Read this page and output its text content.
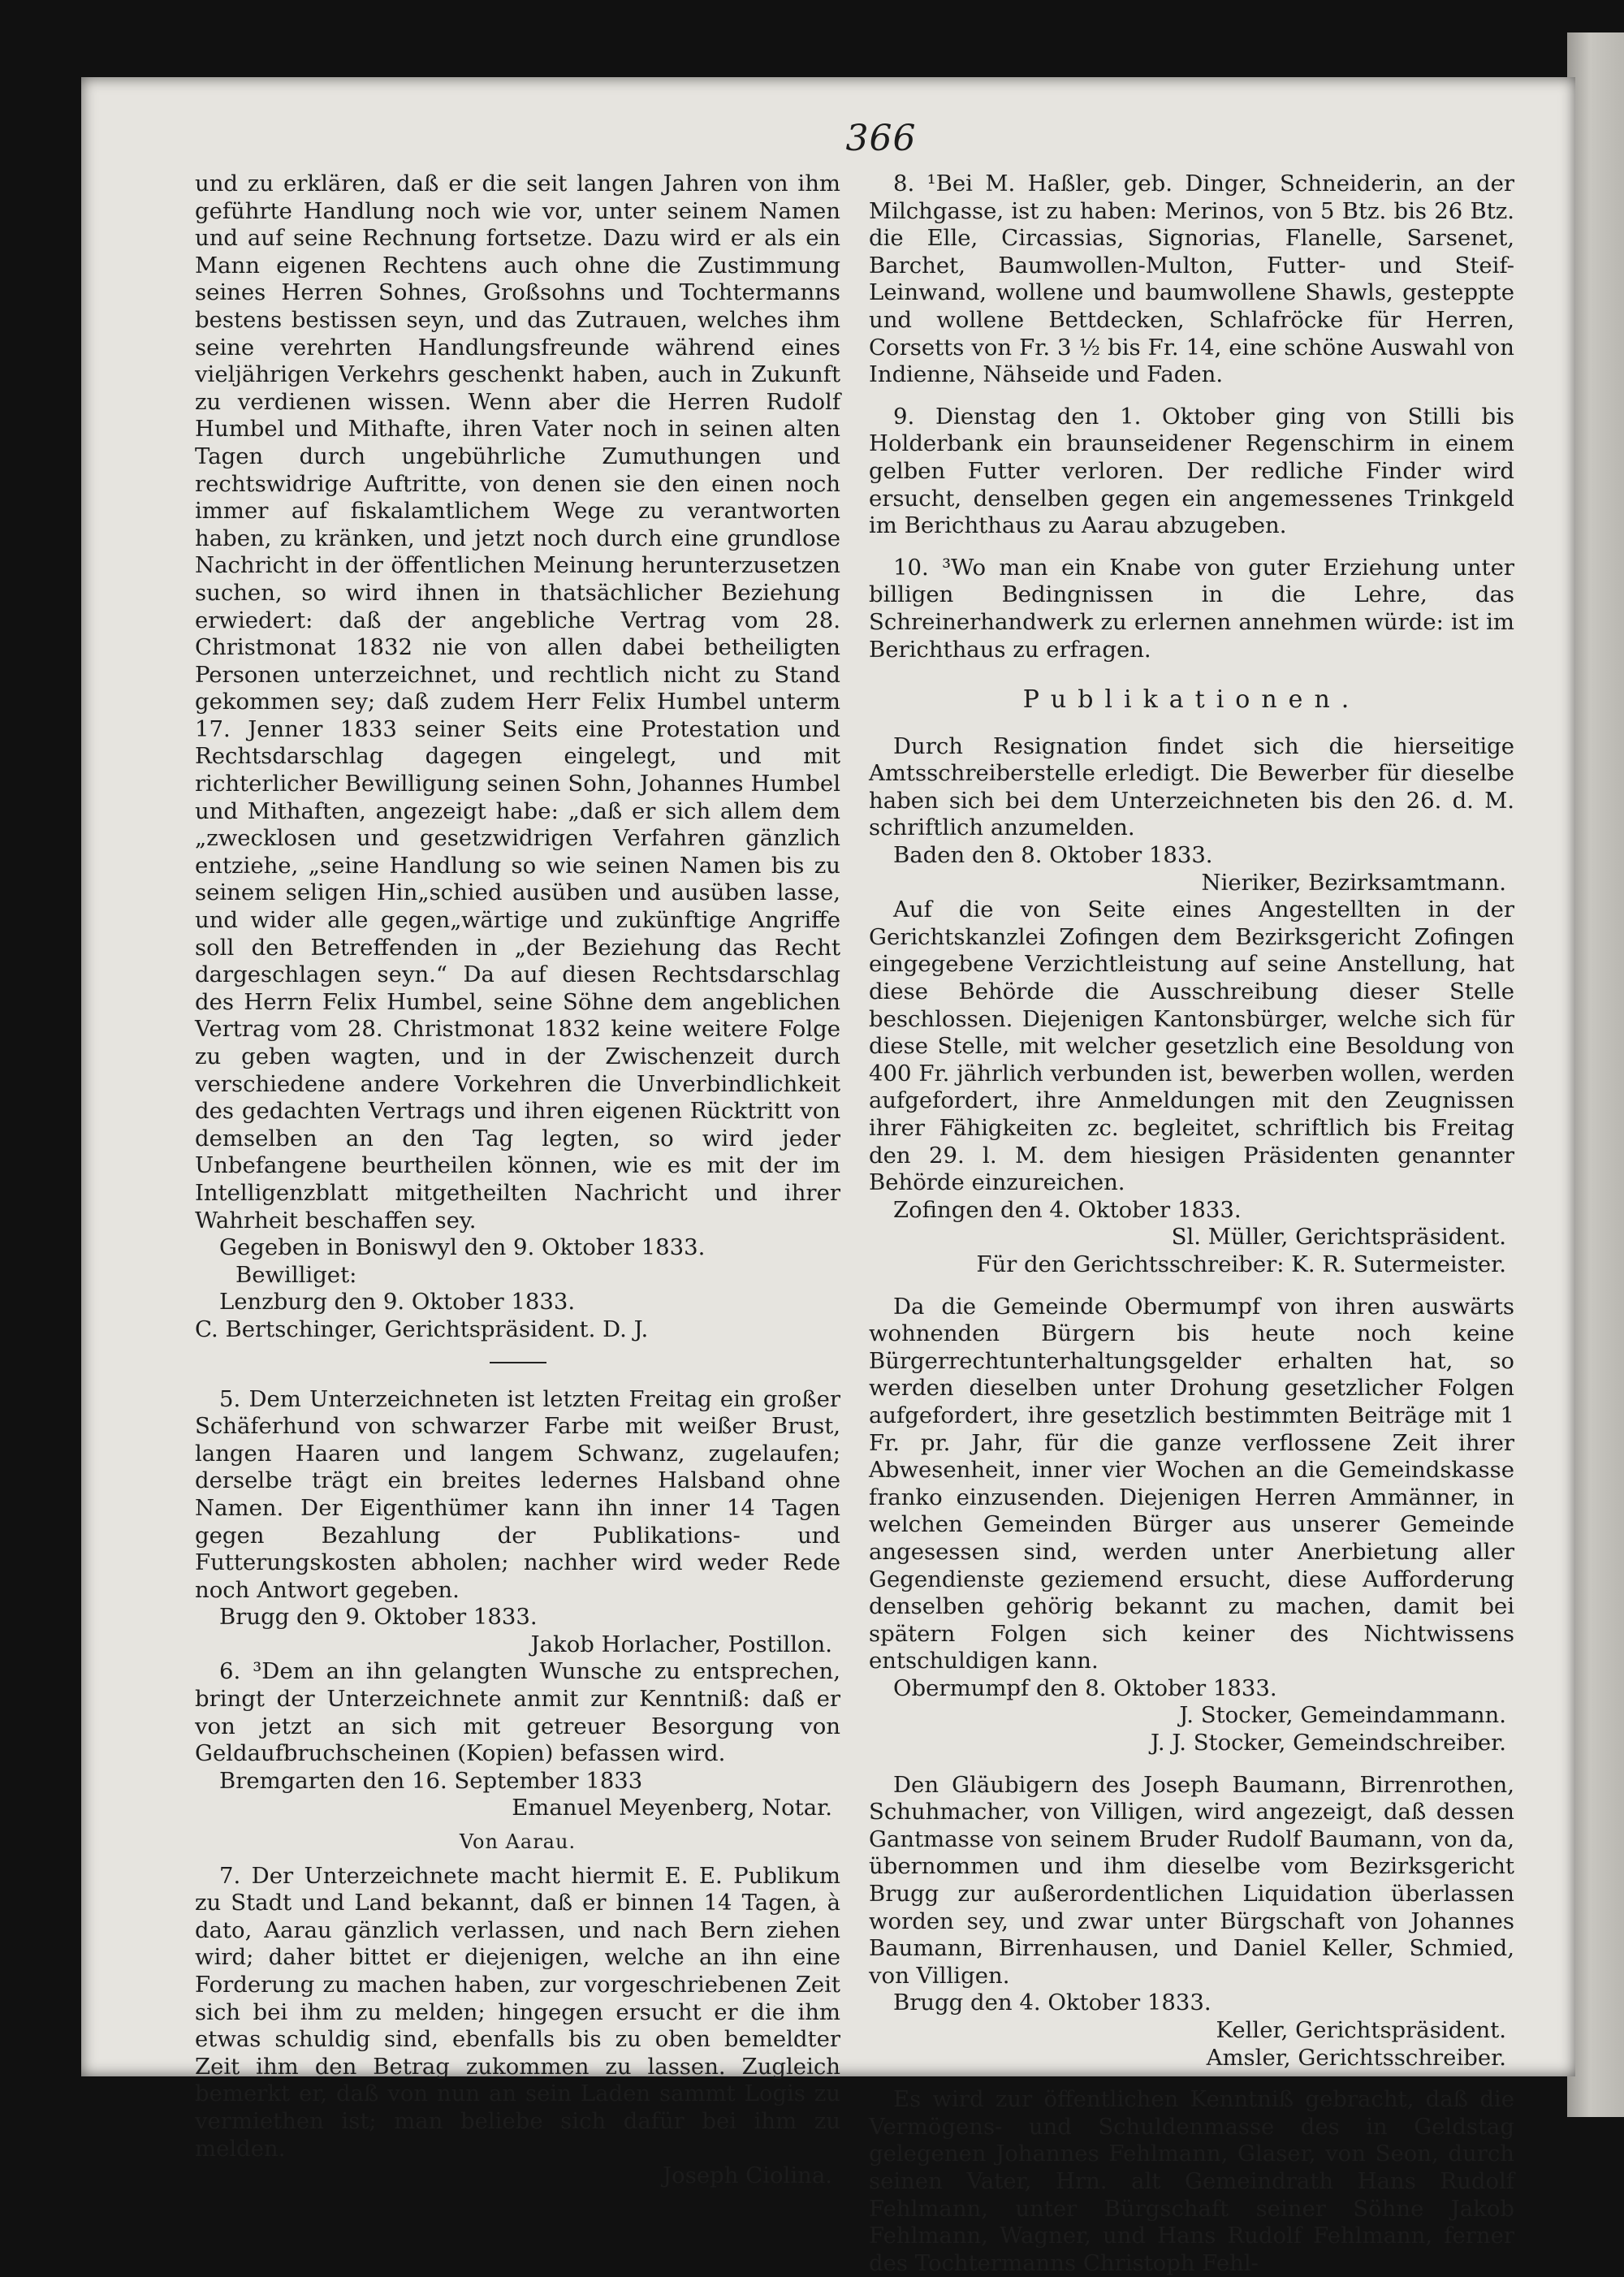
366

und zu erklären, daß er die seit langen Jahren von ihm geführte Handlung noch wie vor, unter seinem Namen und auf seine Rechnung fortsetze. Dazu wird er als ein Mann eigenen Rechtens auch ohne die Zustimmung seines Herren Sohnes, Großsohns und Tochtermanns bestens bestissen seyn, und das Zutrauen, welches ihm seine verehrten Handlungsfreunde während eines vieljährigen Verkehrs geschenkt haben, auch in Zukunft zu verdienen wissen. Wenn aber die Herren Rudolf Humbel und Mithafte, ihren Vater noch in seinen alten Tagen durch ungebührliche Zumuthungen und rechtswidrige Auftritte, von denen sie den einen noch immer auf fiskalamtlichem Wege zu verantworten haben, zu kränken, und jetzt noch durch eine grundlose Nachricht in der öffentlichen Meinung herunterzusetzen suchen, so wird ihnen in thatsächlicher Beziehung erwiedert: daß der angebliche Vertrag vom 28. Christmonat 1832 nie von allen dabei betheiligten Personen unterzeichnet, und rechtlich nicht zu Stand gekommen sey; daß zudem Herr Felix Humbel unterm 17. Jenner 1833 seiner Seits eine Protestation und Rechtsdarschlag dagegen eingelegt, und mit richterlicher Bewilligung seinen Sohn, Johannes Humbel und Mithaften, angezeigt habe: „daß er sich allem dem „zwecklosen und gesetzwidrigen Verfahren gänzlich entziehe, „seine Handlung so wie seinen Namen bis zu seinem seligen Hin„schied ausüben und ausüben lasse, und wider alle gegen„wärtige und zukünftige Angriffe soll den Betreffenden in „der Beziehung das Recht dargeschlagen seyn.“ Da auf diesen Rechtsdarschlag des Herrn Felix Humbel, seine Söhne dem angeblichen Vertrag vom 28. Christmonat 1832 keine weitere Folge zu geben wagten, und in der Zwischenzeit durch verschiedene andere Vorkehren die Unverbindlichkeit des gedachten Vertrags und ihren eigenen Rücktritt von demselben an den Tag legten, so wird jeder Unbefangene beurtheilen können, wie es mit der im Intelligenzblatt mitgetheilten Nachricht und ihrer Wahrheit beschaffen sey.

Gegeben in Boniswyl den 9. Oktober 1833.

Bewilliget:

Lenzburg den 9. Oktober 1833.

C. Bertschinger, Gerichtspräsident. D. J.

5. Dem Unterzeichneten ist letzten Freitag ein großer Schäferhund von schwarzer Farbe mit weißer Brust, langen Haaren und langem Schwanz, zugelaufen; derselbe trägt ein breites ledernes Halsband ohne Namen. Der Eigenthümer kann ihn inner 14 Tagen gegen Bezahlung der Publikations- und Futterungskosten abholen; nachher wird weder Rede noch Antwort gegeben.

Brugg den 9. Oktober 1833.

Jakob Horlacher, Postillon.

6. ³Dem an ihn gelangten Wunsche zu entsprechen, bringt der Unterzeichnete anmit zur Kenntniß: daß er von jetzt an sich mit getreuer Besorgung von Geldaufbruchscheinen (Kopien) befassen wird.

Bremgarten den 16. September 1833

Emanuel Meyenberg, Notar.

Von Aarau.

7. Der Unterzeichnete macht hiermit E. E. Publikum zu Stadt und Land bekannt, daß er binnen 14 Tagen, à dato, Aarau gänzlich verlassen, und nach Bern ziehen wird; daher bittet er diejenigen, welche an ihn eine Forderung zu machen haben, zur vorgeschriebenen Zeit sich bei ihm zu melden; hingegen ersucht er die ihm etwas schuldig sind, ebenfalls bis zu oben bemeldter Zeit ihm den Betrag zukommen zu lassen. Zugleich bemerkt er, daß von nun an sein Laden sammt Logis zu vermiethen ist; man beliebe sich dafür bei ihm zu melden.

Joseph Ciolina.

8. ¹Bei M. Haßler, geb. Dinger, Schneiderin, an der Milchgasse, ist zu haben: Merinos, von 5 Btz. bis 26 Btz. die Elle, Circassias, Signorias, Flanelle, Sarsenet, Barchet, Baumwollen-Multon, Futter- und Steif-Leinwand, wollene und baumwollene Shawls, gesteppte und wollene Bettdecken, Schlafröcke für Herren, Corsetts von Fr. 3 ½ bis Fr. 14, eine schöne Auswahl von Indienne, Nähseide und Faden.

9. Dienstag den 1. Oktober ging von Stilli bis Holderbank ein braunseidener Regenschirm in einem gelben Futter verloren. Der redliche Finder wird ersucht, denselben gegen ein angemessenes Trinkgeld im Berichthaus zu Aarau abzugeben.

10. ³Wo man ein Knabe von guter Erziehung unter billigen Bedingnissen in die Lehre, das Schreinerhandwerk zu erlernen annehmen würde: ist im Berichthaus zu erfragen.

Publikationen.

Durch Resignation findet sich die hierseitige Amtsschreiberstelle erledigt. Die Bewerber für dieselbe haben sich bei dem Unterzeichneten bis den 26. d. M. schriftlich anzumelden.

Baden den 8. Oktober 1833.

Nieriker, Bezirksamtmann.

Auf die von Seite eines Angestellten in der Gerichtskanzlei Zofingen dem Bezirksgericht Zofingen eingegebene Verzichtleistung auf seine Anstellung, hat diese Behörde die Ausschreibung dieser Stelle beschlossen. Diejenigen Kantonsbürger, welche sich für diese Stelle, mit welcher gesetzlich eine Besoldung von 400 Fr. jährlich verbunden ist, bewerben wollen, werden aufgefordert, ihre Anmeldungen mit den Zeugnissen ihrer Fähigkeiten zc. begleitet, schriftlich bis Freitag den 29. l. M. dem hiesigen Präsidenten genannter Behörde einzureichen.

Zofingen den 4. Oktober 1833.

Sl. Müller, Gerichtspräsident.

Für den Gerichtsschreiber: K. R. Sutermeister.

Da die Gemeinde Obermumpf von ihren auswärts wohnenden Bürgern bis heute noch keine Bürgerrechtunterhaltungsgelder erhalten hat, so werden dieselben unter Drohung gesetzlicher Folgen aufgefordert, ihre gesetzlich bestimmten Beiträge mit 1 Fr. pr. Jahr, für die ganze verflossene Zeit ihrer Abwesenheit, inner vier Wochen an die Gemeindskasse franko einzusenden. Diejenigen Herren Ammänner, in welchen Gemeinden Bürger aus unserer Gemeinde angesessen sind, werden unter Anerbietung aller Gegendienste geziemend ersucht, diese Aufforderung denselben gehörig bekannt zu machen, damit bei spätern Folgen sich keiner des Nichtwissens entschuldigen kann.

Obermumpf den 8. Oktober 1833.

J. Stocker, Gemeindammann.

J. J. Stocker, Gemeindschreiber.

Den Gläubigern des Joseph Baumann, Birrenrothen, Schuhmacher, von Villigen, wird angezeigt, daß dessen Gantmasse von seinem Bruder Rudolf Baumann, von da, übernommen und ihm dieselbe vom Bezirksgericht Brugg zur außerordentlichen Liquidation überlassen worden sey, und zwar unter Bürgschaft von Johannes Baumann, Birrenhausen, und Daniel Keller, Schmied, von Villigen.

Brugg den 4. Oktober 1833.

Keller, Gerichtspräsident.

Amsler, Gerichtsschreiber.

Es wird zur öffentlichen Kenntniß gebracht, daß die Vermögens- und Schuldenmasse des in Geldstag gelegenen Johannes Fehlmann, Glaser, von Seon, durch seinen Vater, Hrn. alt Gemeindrath Hans Rudolf Fehlmann, unter Bürgschaft seiner Söhne Jakob Fehlmann, Wagner, und Hans Rudolf Fehlmann, ferner des Tochtermanns Christoph Fehl-
